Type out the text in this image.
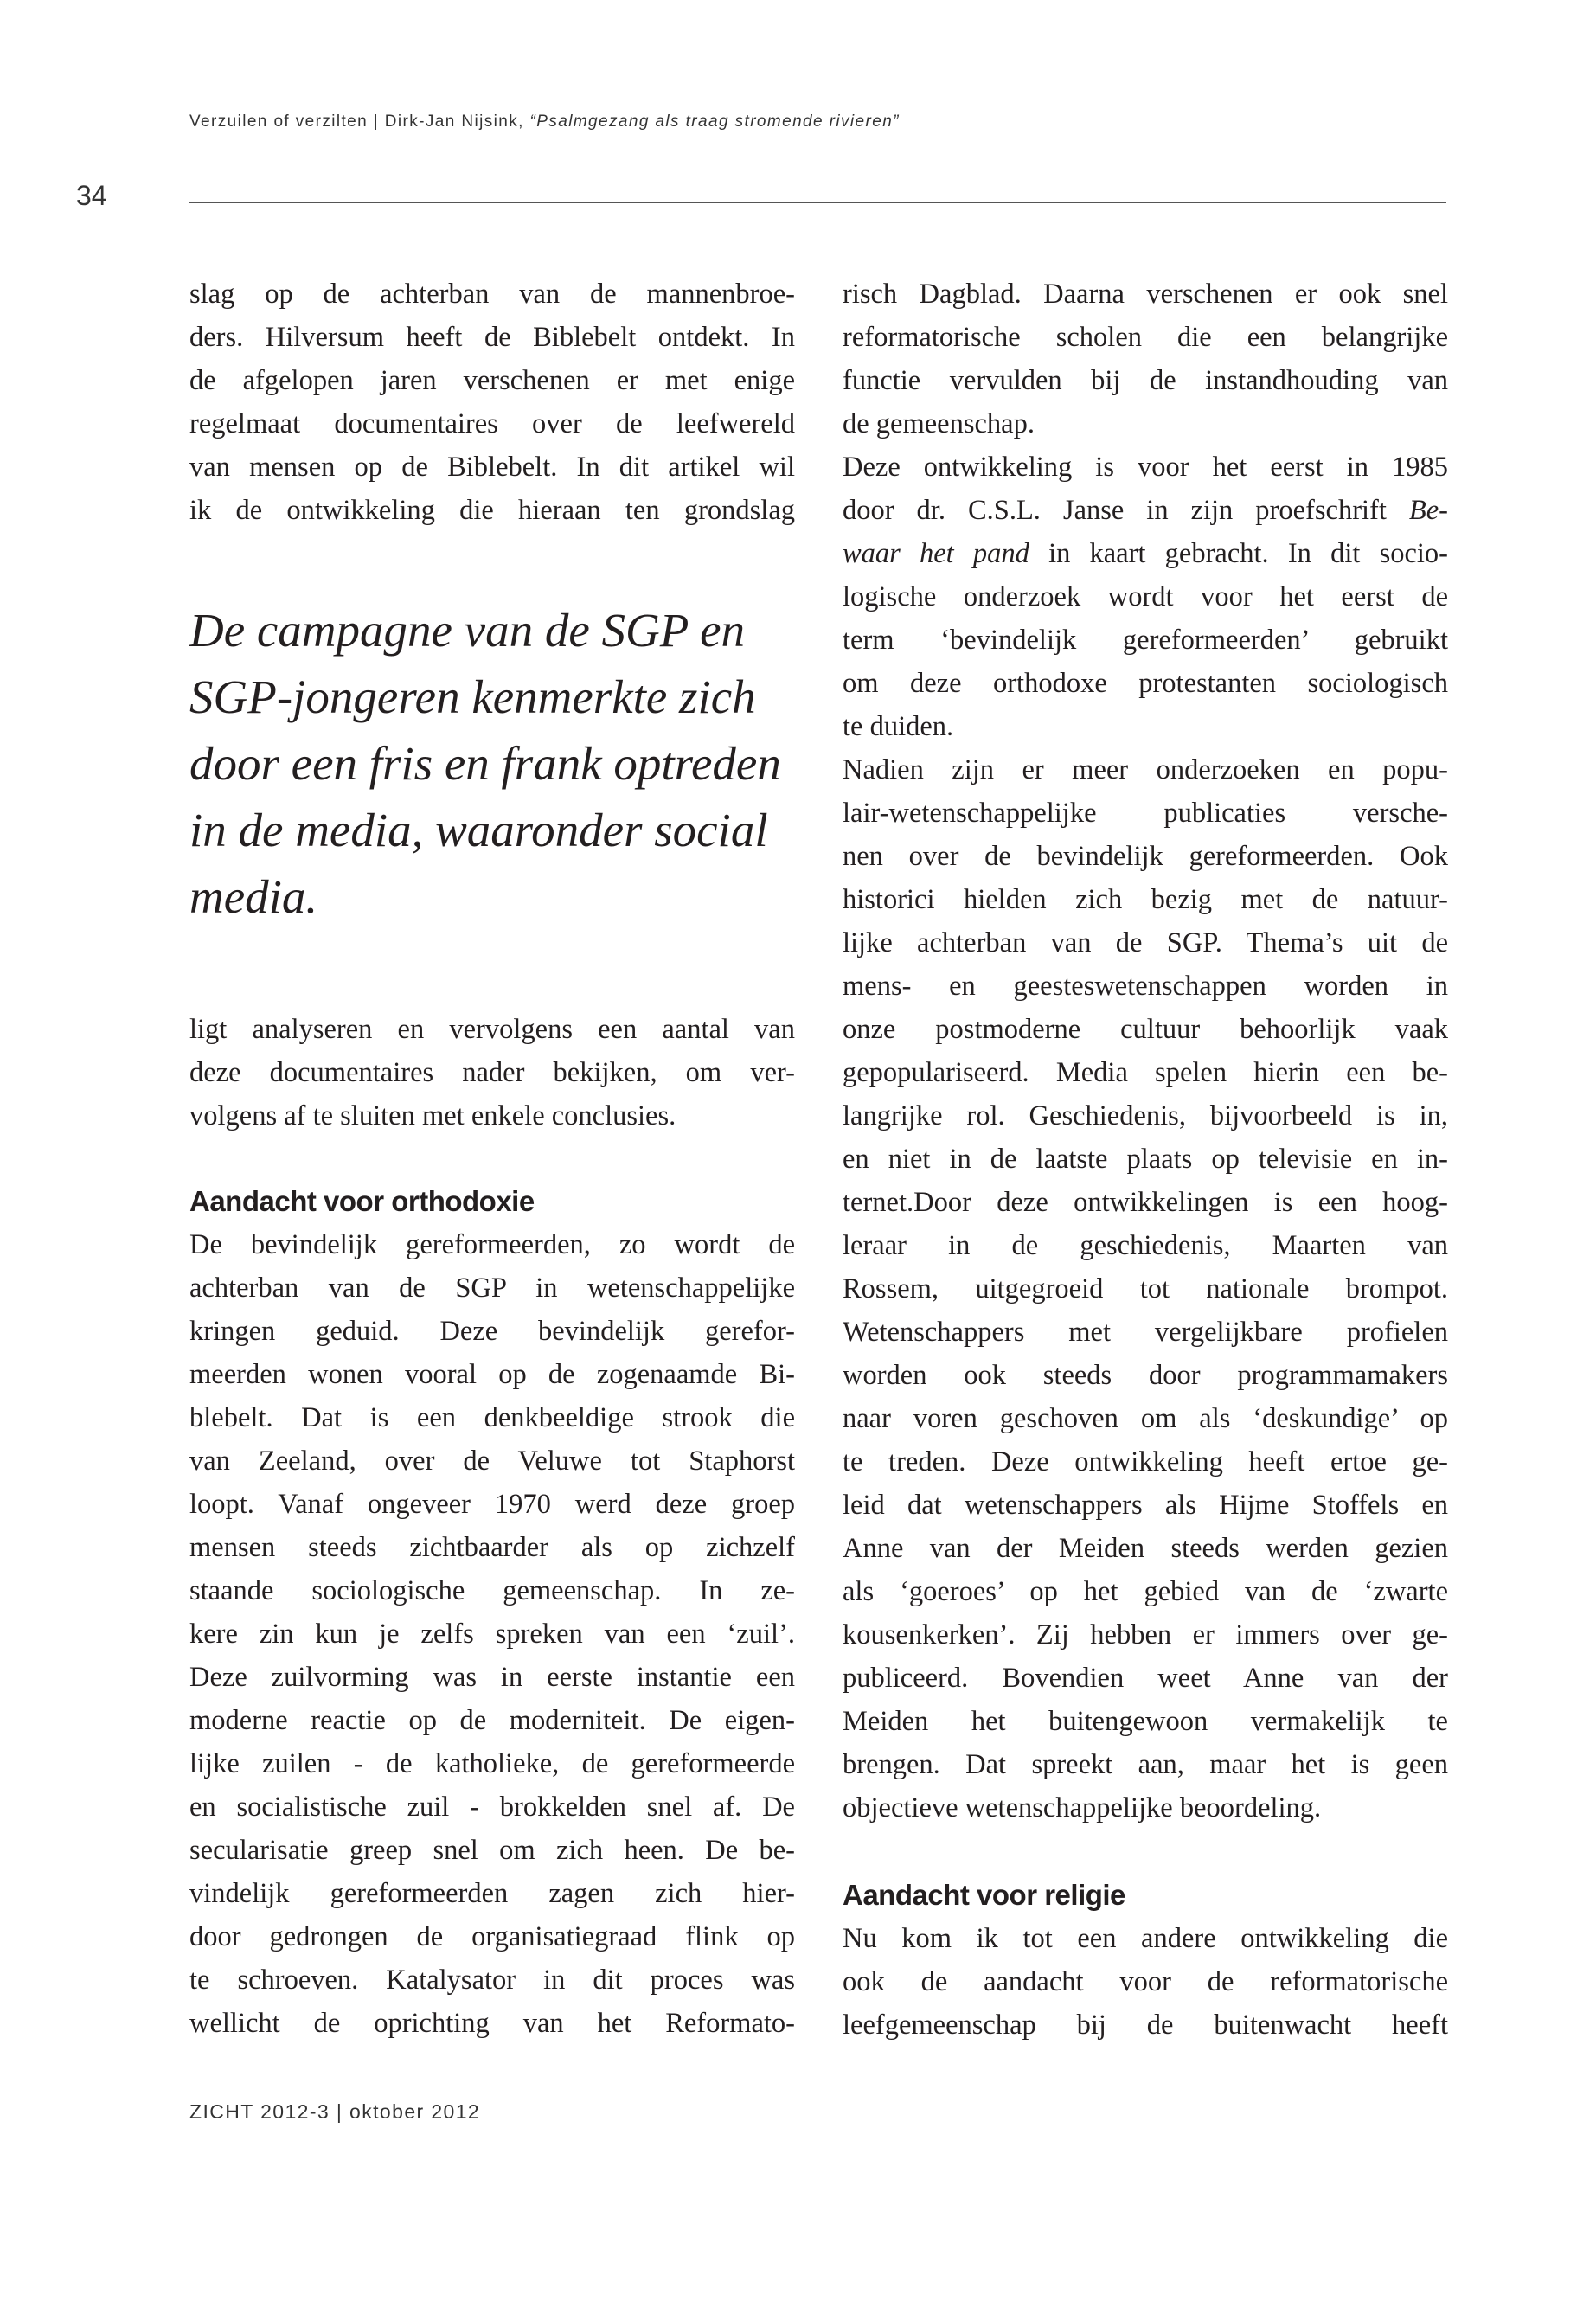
Verzuilen of verzilten | Dirk-Jan Nijsink, “Psalmgezang als traag stromende rivieren”
34
slag op de achterban van de mannenbroe-
ders. Hilversum heeft de Biblebelt ontdekt. In
de afgelopen jaren verschenen er met enige
regelmaat documentaires over de leefwereld
van mensen op de Biblebelt. In dit artikel wil
ik de ontwikkeling die hieraan ten grondslag
De campagne van de SGP en
SGP-jongeren kenmerkte zich
door een fris en frank optreden
in de media, waaronder social
media.
ligt analyseren en vervolgens een aantal van
deze documentaires nader bekijken, om ver-
volgens af te sluiten met enkele conclusies.
Aandacht voor orthodoxie
De bevindelijk gereformeerden, zo wordt de
achterban van de SGP in wetenschappelijke
kringen geduid. Deze bevindelijk gerefor-
meerden wonen vooral op de zogenaamde Bi-
blebelt. Dat is een denkbeeldige strook die
van Zeeland, over de Veluwe tot Staphorst
loopt. Vanaf ongeveer 1970 werd deze groep
mensen steeds zichtbaarder als op zichzelf
staande sociologische gemeenschap. In ze-
kere zin kun je zelfs spreken van een ‘zuil’.
Deze zuilvorming was in eerste instantie een
moderne reactie op de moderniteit. De eigen-
lijke zuilen - de katholieke, de gereformeerde
en socialistische zuil - brokkelden snel af. De
secularisatie greep snel om zich heen. De be-
vindelijk gereformeerden zagen zich hier-
door gedrongen de organisatiegraad flink op
te schroeven. Katalysator in dit proces was
wellicht de oprichting van het Reformato-
risch Dagblad. Daarna verschenen er ook snel
reformatorische scholen die een belangrijke
functie vervulden bij de instandhouding van
de gemeenschap.
Deze ontwikkeling is voor het eerst in 1985
door dr. C.S.L. Janse in zijn proefschrift Be-
waar het pand in kaart gebracht. In dit socio-
logische onderzoek wordt voor het eerst de
term ‘bevindelijk gereformeerden’ gebruikt
om deze orthodoxe protestanten sociologisch
te duiden.
Nadien zijn er meer onderzoeken en popu-
lair-wetenschappelijke publicaties verschе-
nen over de bevindelijk gereformeerden. Ook
historici hielden zich bezig met de natuur-
lijke achterban van de SGP. Thema’s uit de
mens- en geesteswetenschappen worden in
onze postmoderne cultuur behoorlijk vaak
gepopulariseerd. Media spelen hierin een be-
langrijke rol. Geschiedenis, bijvoorbeeld is in,
en niet in de laatste plaats op televisie en in-
ternet.Door deze ontwikkelingen is een hoog-
leraar in de geschiedenis, Maarten van
Rossem, uitgegroeid tot nationale brompot.
Wetenschappers met vergelijkbare profielen
worden ook steeds door programmamakers
naar voren geschoven om als ‘deskundige’ op
te treden. Deze ontwikkeling heeft ertoe ge-
leid dat wetenschappers als Hijme Stoffels en
Anne van der Meiden steeds werden gezien
als ‘goeroes’ op het gebied van de ‘zwarte
kousenkerken’. Zij hebben er immers over ge-
publiceerd. Bovendien weet Anne van der
Meiden het buitengewoon vermakelijk te
brengen. Dat spreekt aan, maar het is geen
objectieve wetenschappelijke beoordeling.
Aandacht voor religie
Nu kom ik tot een andere ontwikkeling die
ook de aandacht voor de reformatorische
leefgemeenschap bij de buitenwacht heeft
ZICHT 2012-3 | oktober 2012
